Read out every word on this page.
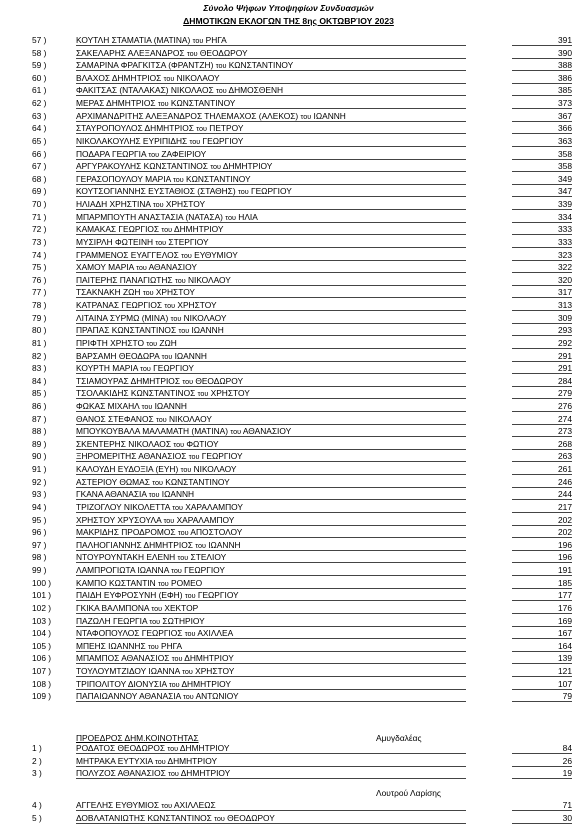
Σύνολο Ψήφων Υποψηφίων Συνδυασμών
ΔΗΜΟΤΙΚΩΝ ΕΚΛΟΓΩΝ ΤΗΣ 8ης ΟΚΤΩΒΡΊΟΥ 2023
57 )	ΚΟΥΤΛΗ ΣΤΑΜΑΤΙΑ (ΜΑΤΙΝΑ) του ΡΗΓΑ	391
58 )	ΣΑΚΕΛΑΡΗΣ ΑΛΕΞΑΝΔΡΟΣ του ΘΕΟΔΩΡΟΥ	390
59 )	ΣΑΜΑΡΙΝΑ ΦΡΑΓΚΙΤΣΑ (ΦΡΑΝΤΖΗ) του ΚΩΝΣΤΑΝΤΙΝΟΥ	388
60 )	ΒΛΑΧΟΣ ΔΗΜΗΤΡΙΟΣ του ΝΙΚΟΛΑΟΥ	386
61 )	ΦΑΚΙΤΣΑΣ (ΝΤΑΛΑΚΑΣ) ΝΙΚΟΛΑΟΣ του ΔΗΜΟΣΘΕΝΗ	385
62 )	ΜΕΡΑΣ ΔΗΜΗΤΡΙΟΣ του ΚΩΝΣΤΑΝΤΙΝΟΥ	373
63 )	ΑΡΧΙΜΑΝΔΡΙΤΗΣ ΑΛΕΞΑΝΔΡΟΣ ΤΗΛΕΜΑΧΟΣ (ΑΛΕΚΟΣ) του ΙΩΑΝΝΗ	367
64 )	ΣΤΑΥΡΟΠΟΥΛΟΣ ΔΗΜΗΤΡΙΟΣ του ΠΕΤΡΟΥ	366
65 )	ΝΙΚΟΛΑΚΟΥΛΗΣ ΕΥΡΙΠΙΔΗΣ του ΓΕΩΡΓΙΟΥ	363
66 )	ΠΟΔΑΡΑ ΓΕΩΡΓΙΑ του ΖΑΦΕΙΡΙΟΥ	358
67 )	ΑΡΓΥΡΑΚΟΥΛΗΣ ΚΩΝΣΤΑΝΤΙΝΟΣ του ΔΗΜΗΤΡΙΟΥ	358
68 )	ΓΕΡΑΣΟΠΟΥΛΟΥ ΜΑΡΙΑ του ΚΩΝΣΤΑΝΤΙΝΟΥ	349
69 )	ΚΟΥΤΣΟΓΙΑΝΝΗΣ ΕΥΣΤΑΘΙΟΣ (ΣΤΑΘΗΣ) του ΓΕΩΡΓΙΟΥ	347
70 )	ΗΛΙΑΔΗ ΧΡΗΣΤΙΝΑ του ΧΡΗΣΤΟΥ	339
71 )	ΜΠΑΡΜΠΟΥΤΗ ΑΝΑΣΤΑΣΙΑ (ΝΑΤΑΣΑ) του ΗΛΙΑ	334
72 )	ΚΑΜΑΚΑΣ ΓΕΩΡΓΙΟΣ του ΔΗΜΗΤΡΙΟΥ	333
73 )	ΜΥΣΙΡΛΗ ΦΩΤΕΙΝΗ του ΣΤΕΡΓΙΟΥ	333
74 )	ΓΡΑΜΜΕΝΟΣ ΕΥΑΓΓΕΛΟΣ του ΕΥΘΥΜΙΟΥ	323
75 )	ΧΑΜΟΥ ΜΑΡΙΑ του ΑΘΑΝΑΣΙΟΥ	322
76 )	ΠΑΙΤΕΡΗΣ ΠΑΝΑΓΙΩΤΗΣ του ΝΙΚΟΛΑΟΥ	320
77 )	ΤΣΑΚΝΑΚΗ ΖΩΗ του ΧΡΗΣΤΟΥ	317
78 )	ΚΑΤΡΑΝΑΣ ΓΕΩΡΓΙΟΣ του ΧΡΗΣΤΟΥ	313
79 )	ΛΙΤΑΙΝΑ ΣΥΡΜΩ (ΜΙΝΑ) του ΝΙΚΟΛΑΟΥ	309
80 )	ΠΡΑΠΑΣ ΚΩΝΣΤΑΝΤΙΝΟΣ του ΙΩΑΝΝΗ	293
81 )	ΠΡΙΦΤΗ ΧΡΗΣΤΟ του ΖΩΗ	292
82 )	ΒΑΡΣΑΜΗ ΘΕΟΔΩΡΑ του ΙΩΑΝΝΗ	291
83 )	ΚΟΥΡΤΗ ΜΑΡΙΑ του ΓΕΩΡΓΙΟΥ	291
84 )	ΤΣΙΑΜΟΥΡΑΣ ΔΗΜΗΤΡΙΟΣ του ΘΕΟΔΩΡΟΥ	284
85 )	ΤΣΟΛΑΚΙΔΗΣ ΚΩΝΣΤΑΝΤΙΝΟΣ του ΧΡΗΣΤΟΥ	279
86 )	ΦΩΚΑΣ ΜΙΧΑΗΛ του ΙΩΑΝΝΗ	276
87 )	ΘΑΝΟΣ ΣΤΕΦΑΝΟΣ του ΝΙΚΟΛΑΟΥ	274
88 )	ΜΠΟΥΚΟΥΒΑΛΑ ΜΑΛΑΜΑΤΗ (ΜΑΤΙΝΑ) του ΑΘΑΝΑΣΙΟΥ	273
89 )	ΣΚΕΝΤΕΡΗΣ ΝΙΚΟΛΑΟΣ του ΦΩΤΙΟΥ	268
90 )	ΞΗΡΟΜΕΡΙΤΗΣ ΑΘΑΝΑΣΙΟΣ του ΓΕΩΡΓΙΟΥ	263
91 )	ΚΑΛΟΥΔΗ ΕΥΔΟΞΙΑ (ΕΥΗ) του ΝΙΚΟΛΑΟΥ	261
92 )	ΑΣΤΕΡΙΟΥ ΘΩΜΑΣ του ΚΩΝΣΤΑΝΤΙΝΟΥ	246
93 )	ΓΚΑΝΑ ΑΘΑΝΑΣΙΑ του ΙΩΑΝΝΗ	244
94 )	ΤΡΙΖΟΓΛΟΥ ΝΙΚΟΛΕΤΤΑ του ΧΑΡΑΛΑΜΠΟΥ	217
95 )	ΧΡΗΣΤΟΥ ΧΡΥΣΟΥΛΑ του ΧΑΡΑΛΑΜΠΟΥ	202
96 )	ΜΑΚΡΙΔΗΣ ΠΡΟΔΡΟΜΟΣ του ΑΠΟΣΤΟΛΟΥ	202
97 )	ΠΑΛΗΟΓΙΑΝΝΗΣ ΔΗΜΗΤΡΙΟΣ του ΙΩΑΝΝΗ	196
98 )	ΝΤΟΥΡΟΥΝΤΑΚΗ ΕΛΕΝΗ του ΣΤΕΛΙΟΥ	196
99 )	ΛΑΜΠΡΟΓΙΩΤΑ ΙΩΑΝΝΑ του ΓΕΩΡΓΙΟΥ	191
100 )	ΚΑΜΠΟ ΚΩΣΤΑΝΤΙΝ του ΡΟΜΕΟ	185
101 )	ΠΑΙΔΗ ΕΥΦΡΟΣΥΝΗ (ΕΦΗ) του ΓΕΩΡΓΙΟΥ	177
102 )	ΓΚΙΚΑ ΒΑΛΜΠΟΝΑ του ΧΕΚΤΟΡ	176
103 )	ΠΑΖΩΛΗ ΓΕΩΡΓΙΑ του ΣΩΤΗΡΙΟΥ	169
104 )	ΝΤΑΦΟΠΟΥΛΟΣ ΓΕΩΡΓΙΟΣ του ΑΧΙΛΛΕΑ	167
105 )	ΜΠΕΗΣ ΙΩΑΝΝΗΣ του ΡΗΓΑ	164
106 )	ΜΠΑΜΠΟΣ ΑΘΑΝΑΣΙΟΣ του ΔΗΜΗΤΡΙΟΥ	139
107 )	ΤΟΥΛΟΥΜΤΖΙΔΟΥ ΙΩΑΝΝΑ του ΧΡΗΣΤΟΥ	121
108 )	ΤΡΙΠΟΛΙΤΟΥ ΔΙΟΝΥΣΙΑ του ΔΗΜΗΤΡΙΟΥ	107
109 )	ΠΑΠΑΙΩΑΝΝΟΥ ΑΘΑΝΑΣΙΑ του ΑΝΤΩΝΙΟΥ	79
ΠΡΟΕΔΡΟΣ ΔΗΜ.ΚΟΙΝΟΤΗΤΑΣ	Αμυγδαλέας
1 )	ΡΟΔΑΤΟΣ ΘΕΟΔΩΡΟΣ του ΔΗΜΗΤΡΙΟΥ	84
2 )	ΜΗΤΡΑΚΑ ΕΥΤΥΧΙΑ του ΔΗΜΗΤΡΙΟΥ	26
3 )	ΠΟΛΥΖΟΣ ΑΘΑΝΑΣΙΟΣ του ΔΗΜΗΤΡΙΟΥ	19
Λουτρού Λαρίσης
4 )	ΑΓΓΕΛΗΣ ΕΥΘΥΜΙΟΣ του ΑΧΙΛΛΕΩΣ	71
5 )	ΔΟΒΛΑΤΑΝΙΩΤΗΣ ΚΩΝΣΤΑΝΤΙΝΟΣ του ΘΕΟΔΩΡΟΥ	30
